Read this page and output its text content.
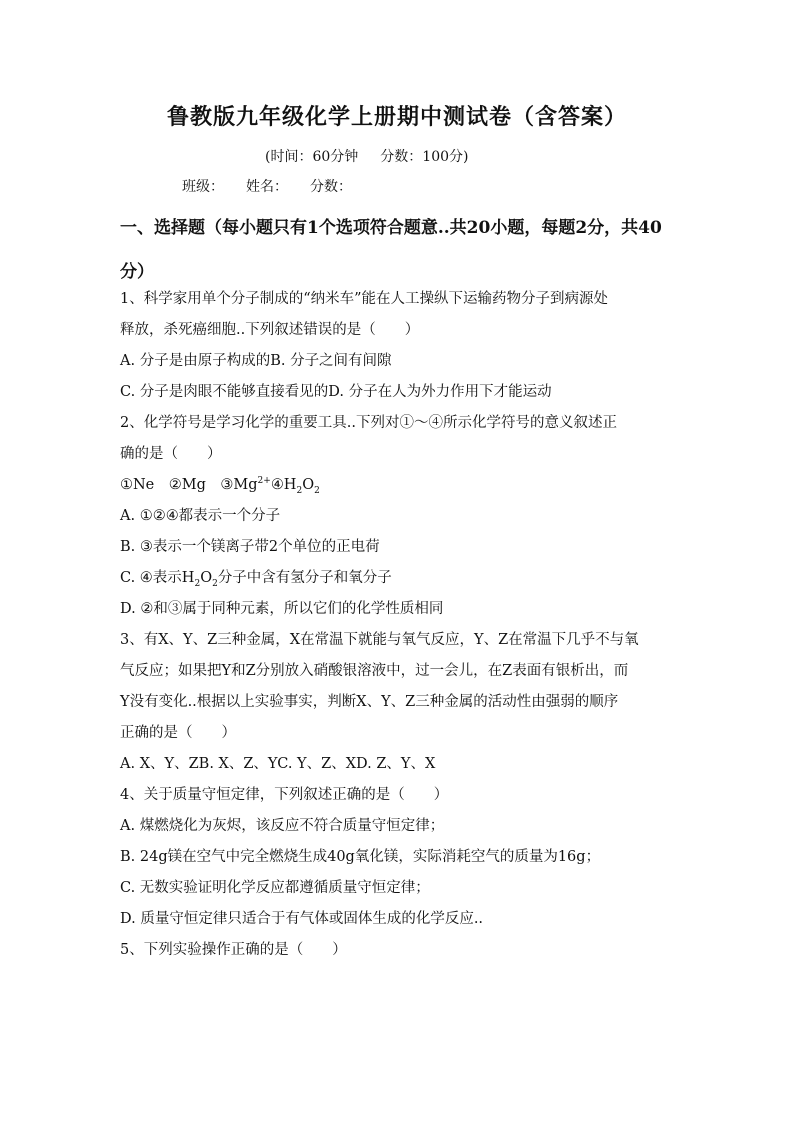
鲁教版九年级化学上册期中测试卷（含答案）
(时间：60分钟 分数：100分)
班级： 姓名： 分数：
一、选择题（每小题只有1个选项符合题意..共20小题，每题2分，共40分）
1、科学家用单个分子制成的“纳米车”能在人工操纵下运输药物分子到病源处
释放，杀死癌细胞..下列叙述错误的是（　　）
A. 分子是由原子构成的B. 分子之间有间隙
C. 分子是肉眼不能够直接看见的D. 分子在人为外力作用下才能运动
2、化学符号是学习化学的重要工具..下列对①～④所示化学符号的意义叙述正
确的是（　　）
①Ne　②Mg　$③Mg^{2+}④H_2O_2$
A. ①②④都表示一个分子
B. ③表示一个镁离子带2个单位的正电荷
C. ④表示$H_2O_2$分子中含有氢分子和氧分子
D. ②和③属于同种元素，所以它们的化学性质相同
3、有X、Y、Z三种金属，X在常温下就能与氧气反应，Y、Z在常温下几乎不与氧
气反应；如果把Y和Z分别放入硝酸银溶液中，过一会儿，在Z表面有银析出，而
Y没有变化..根据以上实验事实，判断X、Y、Z三种金属的活动性由强弱的顺序
正确的是（　　）
A. X、Y、ZB. X、Z、YC. Y、Z、XD. Z、Y、X
4、关于质量守恒定律，下列叙述正确的是（　　）
A. 煤燃烧化为灰烬，该反应不符合质量守恒定律；
B. 24g镁在空气中完全燃烧生成40g氧化镁，实际消耗空气的质量为16g；
C. 无数实验证明化学反应都遵循质量守恒定律；
D. 质量守恒定律只适合于有气体或固体生成的化学反应..
5、下列实验操作正确的是（　　）
